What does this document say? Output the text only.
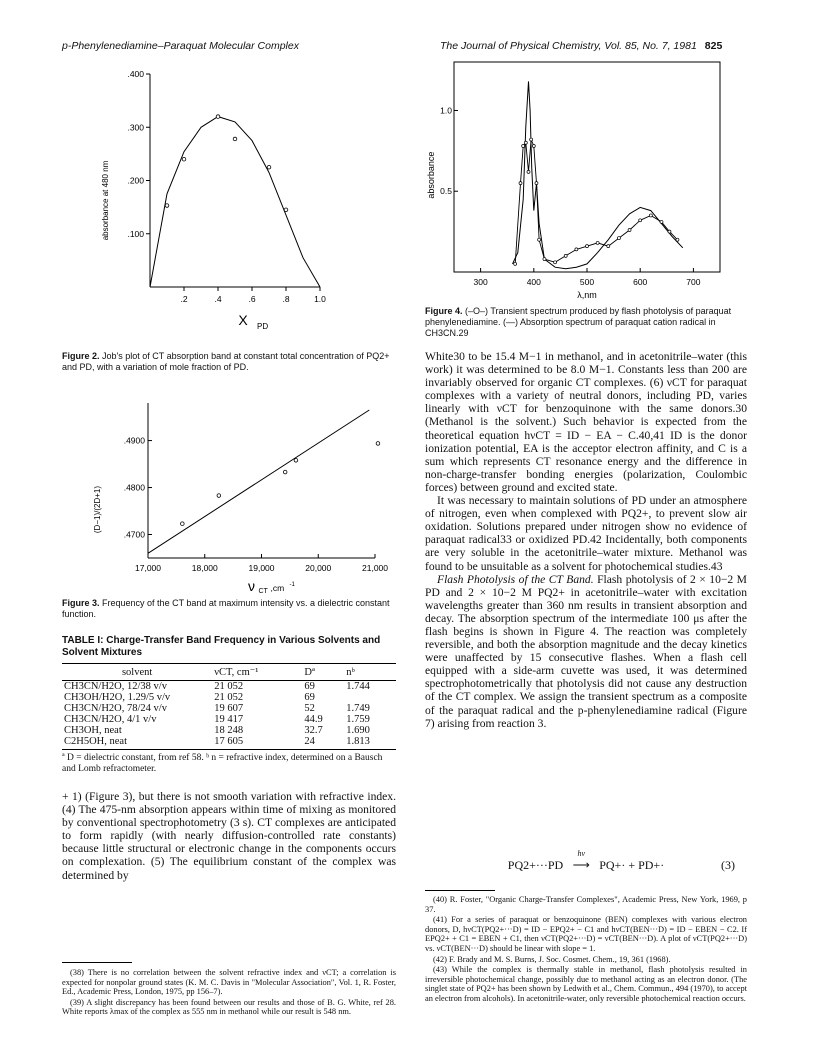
p-Phenylenediamine–Paraquat Molecular Complex	The Journal of Physical Chemistry, Vol. 85, No. 7, 1981 825
.2	.4	.6	.8	1.0
.100
.200
.300
.400
X PD
absorbance at 480 nm
Figure 2. Job's plot of CT absorption band at constant total concentration of PQ2+ and PD, with a variation of mole fraction of PD.
17,000	18,000	19,000	20,000	21,000
.4700
.4800
.4900
ν CT ,cm -1
(D−1)/(2D+1)
Figure 3. Frequency of the CT band at maximum intensity vs. a dielectric constant function.
TABLE I: Charge-Transfer Band Frequency in Various Solvents and Solvent Mixtures
solvent	νCT, cm⁻¹	Dª	nᵇ
CH3CN/H2O, 12/38 v/v	21 052	69	1.744
CH3OH/H2O, 1.29/5 v/v	21 052	69	
CH3CN/H2O, 78/24 v/v	19 607	52	1.749
CH3CN/H2O, 4/1 v/v	19 417	44.9	1.759
CH3OH, neat	18 248	32.7	1.690
C2H5OH, neat	17 605	24	1.813
ª D = dielectric constant, from ref 58. ᵇ n = refractive index, determined on a Bausch and Lomb refractometer.

+ 1) (Figure 3), but there is not smooth variation with refractive index. (4) The 475-nm absorption appears within time of mixing as monitored by conventional spectrophotometry (3 s). CT complexes are anticipated to form rapidly (with nearly diffusion-controlled rate constants) because little structural or electronic change in the components occurs on complexation. (5) The equilibrium constant of the complex was determined by

(38) There is no correlation between the solvent refractive index and νCT; a correlation is expected for nonpolar ground states (K. M. C. Davis in "Molecular Association", Vol. 1, R. Foster, Ed., Academic Press, London, 1975, pp 156–7).

(39) A slight discrepancy has been found between our results and those of B. G. White, ref 28. White reports λmax of the complex as 555 nm in methanol while our result is 548 nm.

300	400	500	600	700
0.5
1.0
λ,nm
absorbance
Figure 4. (–O–) Transient spectrum produced by flash photolysis of paraquat phenylenediamine. (—) Absorption spectrum of paraquat cation radical in CH3CN.29

White30 to be 15.4 M−1 in methanol, and in acetonitrile–water (this work) it was determined to be 8.0 M−1. Constants less than 200 are invariably observed for organic CT complexes. (6) νCT for paraquat complexes with a variety of neutral donors, including PD, varies linearly with νCT for benzoquinone with the same donors.30 (Methanol is the solvent.) Such behavior is expected from the theoretical equation hνCT = ID − EA − C.40,41 ID is the donor ionization potential, EA is the acceptor electron affinity, and C is a sum which represents CT resonance energy and the difference in non-charge-transfer bonding energies (polarization, Coulombic forces) between ground and excited state.

It was necessary to maintain solutions of PD under an atmosphere of nitrogen, even when complexed with PQ2+, to prevent slow air oxidation. Solutions prepared under nitrogen show no evidence of paraquat radical33 or oxidized PD.42 Incidentally, both components are very soluble in the acetonitrile–water mixture. Methanol was found to be unsuitable as a solvent for photochemical studies.43

Flash Photolysis of the CT Band. Flash photolysis of 2 × 10−2 M PD and 2 × 10−2 M PQ2+ in acetonitrile–water with excitation wavelengths greater than 360 nm results in transient absorption and decay. The absorption spectrum of the intermediate 100 μs after the flash begins is shown in Figure 4. The reaction was completely reversible, and both the absorption magnitude and the decay kinetics were unaffected by 15 consecutive flashes. When a flash cell equipped with a side-arm cuvette was used, it was determined spectrophotometrically that photolysis did not cause any destruction of the CT complex. We assign the transient spectrum as a composite of the paraquat radical and the p-phenylenediamine radical (Figure 7) arising from reaction 3.

PQ2+···PD
hν
⟶ PQ+· + PD+·	(3)

(40) R. Foster, "Organic Charge-Transfer Complexes", Academic Press, New York, 1969, p 37.

(41) For a series of paraquat or benzoquinone (BEN) complexes with various electron donors, D, hνCT(PQ2+···D) = ID − EPQ2+ − C1 and hνCT(BEN···D) = ID − EBEN − C2. If EPQ2+ + C1 = EBEN + C1, then νCT(PQ2+···D) = νCT(BEN···D). A plot of νCT(PQ2+···D) vs. νCT(BEN···D) should be linear with slope = 1.

(42) F. Brady and M. S. Burns, J. Soc. Cosmet. Chem., 19, 361 (1968).

(43) While the complex is thermally stable in methanol, flash photolysis resulted in irreversible photochemical change, possibly due to methanol acting as an electron donor. (The singlet state of PQ2+ has been shown by Ledwith et al., Chem. Commun., 494 (1970), to accept an electron from alcohols). In acetonitrile-water, only reversible photochemical reaction occurs.
